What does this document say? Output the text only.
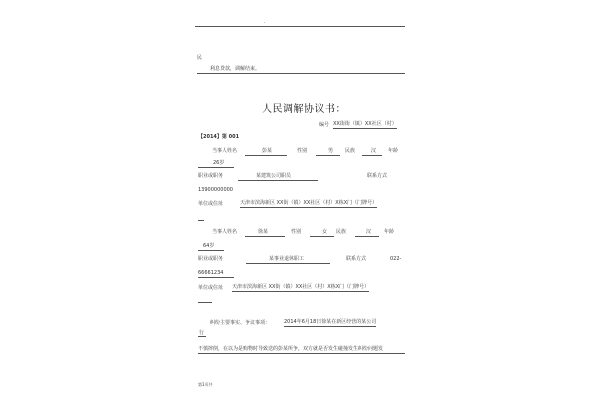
.
民
利息贷款，调解结束。
人民调解协议书：
编号 XX街街（镇）XX社区（村）
【2014】第 001
当事人姓名	彭某	性别	男 民族	汉 年龄
26岁
职业或职务	某建筑公司职员	联系方式
13900000000
单位或住址	天津市滨海新区 XX街（镇）XX社区（村）X栋X门（门牌号）
当事人姓名	徐某	性别	女 民族	汉	年龄
64岁
职业或职务	某事业退休职工	联系方式	022-
66661234
单位或住址 天津市滨海新区 XX街（镇）XX社区（村）X栋X门（门牌号）
纠纷主要事实、争议事项：	2014年6月18日徐某在新区经营的某公司
行
不慎摔倒，在以为是购物时导致送的彭某所争，双方就是否发生碰撞发生纠纷问题发
第1页共
